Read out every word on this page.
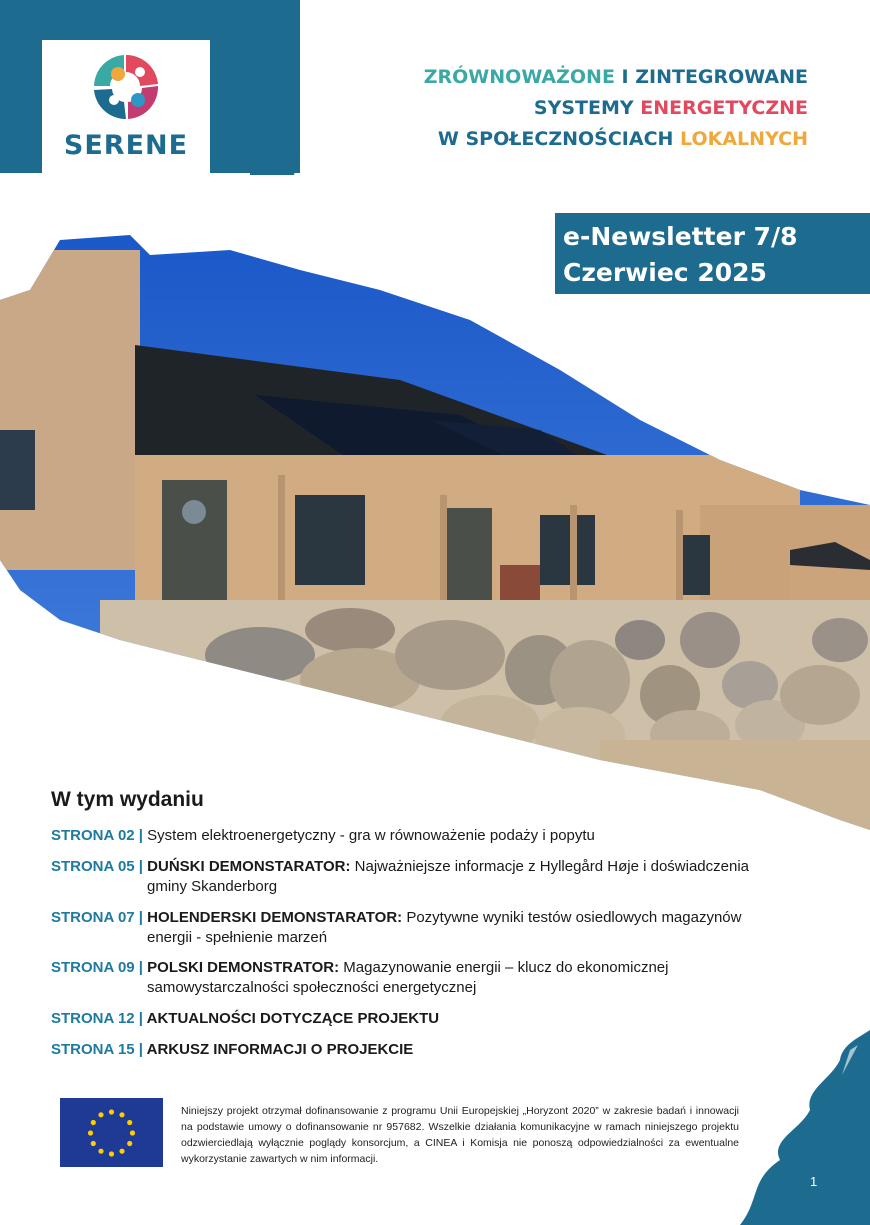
SERENE
ZRÓWNOWAŻONE I ZINTEGROWANE
SYSTEMY ENERGETYCZNE
W SPOŁECZNOŚCIACH LOKALNYCH
e-Newsletter 7/8
Czerwiec 2025
W tym wydaniu
STRONA 02 | System elektroenergetyczny - gra w równoważenie podaży i popytu
STRONA 05 | DUŃSKI DEMONSTARATOR: Najważniejsze informacje z Hyllegård Høje i doświadczenia
gminy Skanderborg
STRONA 07 | HOLENDERSKI DEMONSTARATOR: Pozytywne wyniki testów osiedlowych magazynów
energii - spełnienie marzeń
STRONA 09 | POLSKI DEMONSTRATOR: Magazynowanie energii – klucz do ekonomicznej
samowystarczalności społeczności energetycznej
STRONA 12 | AKTUALNOŚCI DOTYCZĄCE PROJEKTU
STRONA 15 | ARKUSZ INFORMACJI O PROJEKCIE
Niniejszy projekt otrzymał dofinansowanie z programu Unii Europejskiej „Horyzont 2020” w zakresie badań i innowacji na podstawie umowy o dofinansowanie nr 957682. Wszelkie działania komunikacyjne w ramach niniejszego projektu odzwierciedlają wyłącznie poglądy konsorcjum, a CINEA i Komisja nie ponoszą odpowiedzialności za ewentualne wykorzystanie zawartych w nim informacji.
1
